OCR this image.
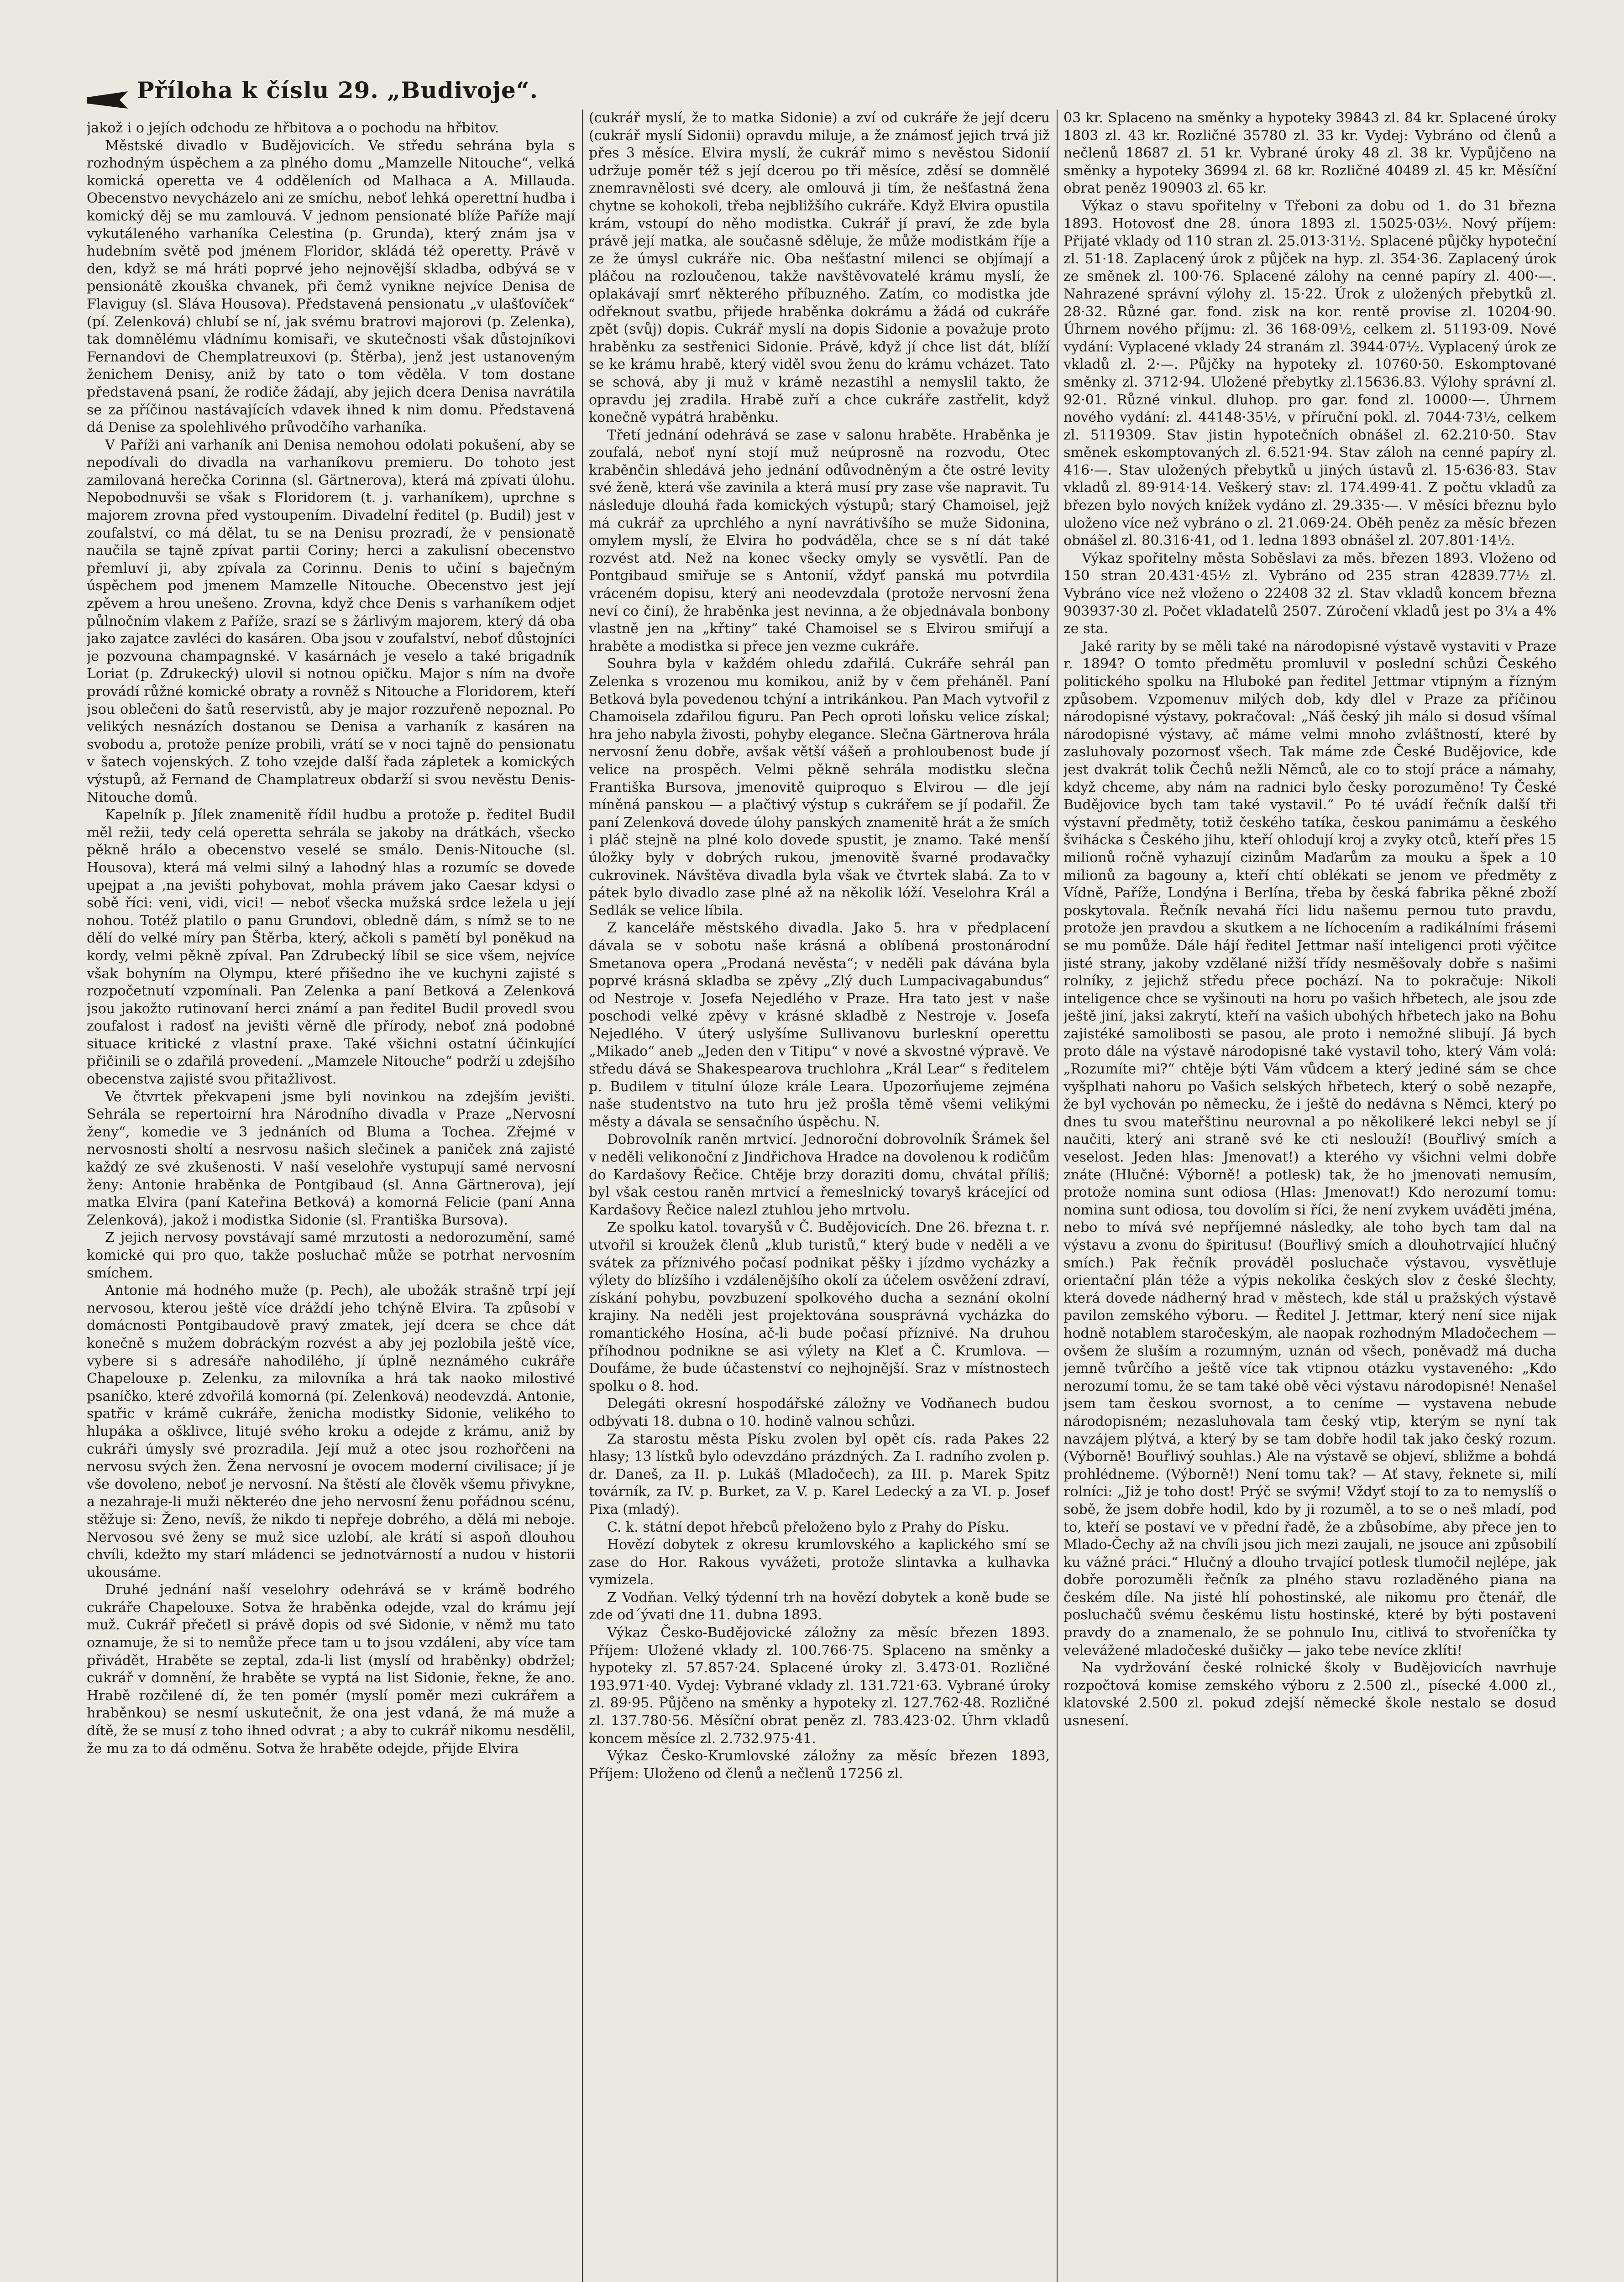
Příloha k číslu 29. „Budivoje“.

jakož i o jejích odchodu ze hřbitova a o pochodu na hřbitov.

Městské divadlo v Budějovicích. Ve středu sehrána byla s rozhodným úspěchem a za plného domu „Mamzelle Nitouche“, velká komická operetta ve 4 odděleních od Malhaca a A. Millauda. Obecenstvo nevycházelo ani ze smíchu, neboť lehká operettní hudba i komický děj se mu zamlouvá. V jednom pensionaté blíže Paříže mají vykutáleného varhaníka Celestina (p. Grunda), který znám jsa v hudebním světě pod jménem Floridor, skládá též operetty. Právě v den, když se má hráti poprvé jeho nejnovější skladba, odbývá se v pensionátě zkouška chvanek, při čemž vynikne nejvíce Denisa de Flaviguy (sl. Sláva Housova). Představená pensionatu „v ulašťovíček“ (pí. Zelenková) chlubí se ní, jak svému bratrovi majorovi (p. Zelenka), tak domnělému vládnímu komisaři, ve skutečnosti však důstojníkovi Fernandovi de Chemplatreuxovi (p. Štěrba), jenž jest ustanoveným ženichem Denisy, aniž by tato o tom věděla. V tom dostane představená psaní, že rodiče žádají, aby jejich dcera Denisa navrátila se za příčinou nastávajících vdavek ihned k nim domu. Představená dá Denise za spolehlivého průvodčího varhaníka.

V Paříži ani varhaník ani Denisa nemohou odolati pokušení, aby se nepodívali do divadla na varhaníkovu premieru. Do tohoto jest zamilovaná herečka Corinna (sl. Gärtnerova), která má zpívati úlohu. Nepobodnuvši se však s Floridorem (t. j. varhaníkem), uprchne s majorem zrovna před vystoupením. Divadelní ředitel (p. Budil) jest v zoufalství, co má dělat, tu se na Denisu prozradí, že v pensionatě naučila se tajně zpívat partii Coriny; herci a zakulisní obecenstvo přemluví ji, aby zpívala za Corinnu. Denis to učiní s baječným úspěchem pod jmenem Mamzelle Nitouche. Obecenstvo jest její zpěvem a hrou unešeno. Zrovna, když chce Denis s varhaníkem odjet půlnočním vlakem z Paříže, srazí se s žárlivým majorem, který dá oba jako zajatce zavléci do kasáren. Oba jsou v zoufalství, neboť důstojníci je pozvouna champagnské. V kasárnách je veselo a také brigadník Loriat (p. Zdrukecký) ulovil si notnou opičku. Major s ním na dvoře provádí růžné komické obraty a rovněž s Nitouche a Floridorem, kteří jsou oblečeni do šatů reservistů, aby je major rozzuřeně nepoznal. Po velikých nesnázích dostanou se Denisa a varhaník z kasáren na svobodu a, protože peníze probili, vrátí se v noci tajně do pensionatu v šatech vojenských. Z toho vzejde další řada zápletek a komických výstupů, až Fernand de Champlatreux obdarží si svou nevěstu Denis-Nitouche domů.

Kapelník p. Jílek znamenitě řídil hudbu a protože p. ředitel Budil měl režii, tedy celá operetta sehrála se jakoby na drátkách, všecko pěkně hrálo a obecenstvo veselé se smálo. Denis-Nitouche (sl. Housova), která má velmi silný a lahodný hlas a rozumíc se dovede upejpat a ‚na jevišti pohybovat, mohla právem jako Caesar kdysi o sobě říci: veni, vidi, vici! — neboť všecka mužská srdce ležela u její nohou. Totéž platilo o panu Grundovi, obledně dám, s nímž se to ne dělí do velké míry pan Štěrba, který, ačkoli s pamětí byl poněkud na kordy, velmi pěkně zpíval. Pan Zdrubecký líbil se sice všem, nejvíce však bohyním na Olympu, které přišedno ihe ve kuchyni zajisté s rozpočetnutí vzpomínali. Pan Zelenka a paní Betková a Zelenková jsou jakožto rutinovaní herci známí a pan ředitel Budil provedl svou zoufalost i radosť na jevišti věrně dle přírody, neboť zná podobné situace kritické z vlastní praxe. Také všichni ostatní účinkující přičinili se o zdařilá provedení. „Mamzele Nitouche“ podrží u zdejšího obecenstva zajisté svou přitažlivost.

Ve čtvrtek překvapeni jsme byli novinkou na zdejším jevišti. Sehrála se repertoirní hra Národního divadla v Praze „Nervosní ženy“, komedie ve 3 jednáních od Bluma a Tochea. Zřejmé v nervosnosti sholtí a nesrvosu našich slečinek a paniček zná zajisté každý ze své zkušenosti. V naší veselohře vystupují samé nervosní ženy: Antonie hraběnka de Pontgibaud (sl. Anna Gärtnerova), její matka Elvira (paní Kateřina Betková) a komorná Felicie (paní Anna Zelenková), jakož i modistka Sidonie (sl. Františka Bursova).

Z jejich nervosy povstávají samé mrzutosti a nedorozumění, samé komické qui pro quo, takže posluchač může se potrhat nervosním smíchem.

Antonie má hodného muže (p. Pech), ale ubožák strašně trpí její nervosou, kterou ještě více dráždí jeho tchýně Elvira. Ta způsobí v domácnosti Pontgibaudově pravý zmatek, její dcera se chce dát konečně s mužem dobráckým rozvést a aby jej pozlobila ještě více, vybere si s adresáře nahodilého, jí úplně neznámého cukráře Chapelouxe p. Zelenku, za milovníka a hrá tak naoko milostivé psaníčko, které zdvořilá komorná (pí. Zelenková) neodevzdá. Antonie, spatřic v krámě cukráře, ženicha modistky Sidonie, velikého to hlupáka a ošklivce, litujé svého kroku a odejde z krámu, aniž by cukráři úmysly své prozradila. Její muž a otec jsou rozhořčeni na nervosu svých žen. Žena nervosní je ovocem moderní civilisace; jí je vše dovoleno, neboť je nervosní. Na štěstí ale člověk všemu přivykne, a nezahraje-li muži některéo dne jeho nervosní ženu pořádnou scénu, stěžuje si: Ženo, nevíš, že nikdo ti nepřeje dobrého, a dělá mi neboje. Nervosou své ženy se muž sice uzlobí, ale krátí si aspoň dlouhou chvíli, kdežto my starí mládenci se jednotvárností a nudou v historii ukousáme.

Druhé jednání naší veselohry odehrává se v krámě bodrého cukráře Chapelouxe. Sotva že hraběnka odejde, vzal do krámu její muž. Cukrář přečetl si právě dopis od své Sidonie, v němž mu tato oznamuje, že si to nemůže přece tam u to jsou vzdáleni, aby více tam přivádět, Hraběte se zeptal, zda-li list (myslí od hraběnky) obdržel; cukrář v domnění, že hraběte se vyptá na list Sidonie, řekne, že ano. Hrabě rozčilené dí, že ten pomér (myslí poměr mezi cukrářem a hraběnkou) se nesmí uskutečnit, že ona jest vdaná, že má muže a dítě, že se musí z toho ihned odvrat ; a aby to cukrář nikomu nesdělil, že mu za to dá odměnu. Sotva že hraběte odejde, přijde Elvira

(cukrář myslí, že to matka Sidonie) a zví od cukráře že její dceru (cukrář myslí Sidonii) opravdu miluje, a že známosť jejich trvá již přes 3 měsíce. Elvira myslí, že cukrář mimo s nevěstou Sidonií udržuje poměr též s její dcerou po tři měsíce, zděsí se domnělé znemravnělosti své dcery, ale omlouvá ji tím, že nešťastná žena chytne se kohokoli, třeba nejbližšího cukráře. Když Elvira opustila krám, vstoupí do něho modistka. Cukrář jí praví, že zde byla právě její matka, ale současně sděluje, že může modistkám říje a ze že úmysl cukráře nic. Oba nešťastní milenci se objímají a pláčou na rozloučenou, takže navštěvovatelé krámu myslí, že oplakávají smrť některého příbuzného. Zatím, co modistka jde odřeknout svatbu, přijede hraběnka dokrámu a žádá od cukráře zpět (svůj) dopis. Cukrář myslí na dopis Sidonie a považuje proto hraběnku za sestřenici Sidonie. Právě, když jí chce list dát, blíží se ke krámu hrabě, který viděl svou ženu do krámu vcházet. Tato se schová, aby ji muž v krámě nezastihl a nemyslil takto, že opravdu jej zradila. Hrabě zuří a chce cukráře zastřelit, když konečně vypátrá hraběnku.

Třetí jednání odehrává se zase v salonu hraběte. Hraběnka je zoufalá, neboť nyní stojí muž neúprosně na rozvodu, Otec kraběnčin shledává jeho jednání odůvodněným a čte ostré levity své ženě, která vše zavinila a která musí pry zase vše napravit. Tu následuje dlouhá řada komických výstupů; starý Chamoisel, jejž má cukrář za uprchlého a nyní navrátivšího se muže Sidonina, omylem myslí, že Elvira ho podváděla, chce se s ní dát také rozvést atd. Než na konec všecky omyly se vysvětlí. Pan de Pontgibaud smiřuje se s Antonií, vždyť panská mu potvrdila vráceném dopisu, který ani neodevzdala (protože nervosní žena neví co činí), že hraběnka jest nevinna, a že objednávala bonbony vlastně jen na „křtiny“ také Chamoisel se s Elvirou smiřují a hraběte a modistka si přece jen vezme cukráře.

Souhra byla v každém ohledu zdařilá. Cukráře sehrál pan Zelenka s vrozenou mu komikou, aniž by v čem přeháněl. Paní Betková byla povedenou tchýní a intrikánkou. Pan Mach vytvořil z Chamoisela zdařilou figuru. Pan Pech oproti loňsku velice získal; hra jeho nabyla živosti, pohyby elegance. Slečna Gärtnerova hrála nervosní ženu dobře, avšak větší vášeň a prohloubenost bude jí velice na prospěch. Velmi pěkně sehrála modistku slečna Františka Bursova, jmenovitě quiproquo s Elvirou — dle její míněná panskou — a plačtivý výstup s cukrářem se jí podařil. Že paní Zelenková dovede úlohy panských znamenitě hrát a že smích i pláč stejně na plné kolo dovede spustit, je znamo. Také menší úložky byly v dobrých rukou, jmenovitě švarné prodavačky cukrovinek. Návštěva divadla byla však ve čtvrtek slabá. Za to v pátek bylo divadlo zase plné až na několik lóží. Veselohra Král a Sedlák se velice líbila.

Z kanceláře městského divadla. Jako 5. hra v předplacení dávala se v sobotu naše krásná a oblíbená prostonárodní Smetanova opera „Prodaná nevěsta“; v neděli pak dávána byla poprvé krásná skladba se zpěvy „Zlý duch Lumpacivagabundus“ od Nestroje v. Josefa Nejedlého v Praze. Hra tato jest v naše poschodi velké zpěvy v krásné skladbě z Nestroje v. Josefa Nejedlého. V úterý uslyšíme Sullivanovu burleskní operettu „Mikado“ aneb „Jeden den v Titipu“ v nové a skvostné výpravě. Ve středu dává se Shakespearova truchlohra „Král Lear“ s ředitelem p. Budilem v titulní úloze krále Leara. Upozorňujeme zejména naše studentstvo na tuto hru jež prošla těmě všemi velikými městy a dávala se sensačního úspěchu. N.

Dobrovolník raněn mrtvicí. Jednoroční dobrovolník Šrámek šel v neděli velikonoční z Jindřichova Hradce na dovolenou k rodičům do Kardašovy Řečice. Chtěje brzy doraziti domu, chvátal příliš; byl však cestou raněn mrtvicí a řemeslnický tovaryš krácející od Kardašovy Řečice nalezl ztuhlou jeho mrtvolu.

Ze spolku katol. tovaryšů v Č. Budějovicích. Dne 26. března t. r. utvořil si kroužek členů „klub turistů,“ který bude v neděli a ve svátek za příznivého počasí podnikat pěšky i jízdmo vycházky a výlety do blízšího i vzdálenějšího okolí za účelem osvěžení zdraví, získání pohybu, povzbuzení spolkového ducha a seznání okolní krajiny. Na neděli jest projektována sousprávná vycházka do romantického Hosína, ač-li bude počasí příznivé. Na druhou příhodnou podnikne se asi výlety na Kleť a Č. Krumlova. — Doufáme, že bude účastenství co nejhojnější. Sraz v místnostech spolku o 8. hod.

Delegáti okresní hospodářské záložny ve Vodňanech budou odbývati 18. dubna o 10. hodině valnou schůzi.

Za starostu města Písku zvolen byl opět cís. rada Pakes 22 hlasy; 13 lístků bylo odevzdáno prázdných. Za I. radního zvolen p. dr. Daneš, za II. p. Lukáš (Mladočech), za III. p. Marek Spitz továrník, za IV. p. Burket, za V. p. Karel Ledecký a za VI. p. Josef Pixa (mladý).

C. k. státní depot hřebců přeloženo bylo z Prahy do Písku.

Hovězí dobytek z okresu krumlovského a kaplického smí se zase do Hor. Rakous vyvážeti, protože slintavka a kulhavka vymizela.

Z Vodňan. Velký týdenní trh na hovězí dobytek a koně bude se zde od´ývati dne 11. dubna 1893.

Výkaz Česko-Budějovické záložny za měsíc březen 1893. Příjem: Uložené vklady zl. 100.766·75. Splaceno na směnky a hypoteky zl. 57.857·24. Splacené úroky zl. 3.473·01. Rozličné 193.971·40. Vydej: Vybrané vklady zl. 131.721·63. Vybrané úroky zl. 89·95. Půjčeno na směnky a hypoteky zl. 127.762·48. Rozličné zl. 137.780·56. Měsíční obrat peněz zl. 783.423·02. Úhrn vkladů koncem měsíce zl. 2.732.975·41.

Výkaz Česko-Krumlovské záložny za měsíc březen 1893, Příjem: Uloženo od členů a nečlenů 17256 zl.

03 kr. Splaceno na směnky a hypoteky 39843 zl. 84 kr. Splacené úroky 1803 zl. 43 kr. Rozličné 35780 zl. 33 kr. Vydej: Vybráno od členů a nečlenů 18687 zl. 51 kr. Vybrané úroky 48 zl. 38 kr. Vypůjčeno na směnky a hypoteky 36994 zl. 68 kr. Rozličné 40489 zl. 45 kr. Měsíční obrat peněz 190903 zl. 65 kr.

Výkaz o stavu spořitelny v Třeboni za dobu od 1. do 31 března 1893. Hotovosť dne 28. února 1893 zl. 15025·03½. Nový příjem: Přijaté vklady od 110 stran zl. 25.013·31½. Splacené půjčky hypoteční zl. 51·18. Zaplacený úrok z půjček na hyp. zl. 354·36. Zaplacený úrok ze směnek zl. 100·76. Splacené zálohy na cenné papíry zl. 400·—. Nahrazené správní výlohy zl. 15·22. Úrok z uložených přebytků zl. 28·32. Různé gar. fond. zisk na kor. rentě provise zl. 10204·90. Úhrnem nového příjmu: zl. 36 168·09½, celkem zl. 51193·09. Nové vydání: Vyplacené vklady 24 stranám zl. 3944·07½. Vyplacený úrok ze vkladů zl. 2·—. Půjčky na hypoteky zl. 10760·50. Eskomptované směnky zl. 3712·94. Uložené přebytky zl.15636.83. Výlohy správní zl. 92·01. Různé vinkul. dluhop. pro gar. fond zl. 10000·—. Úhrnem nového vydání: zl. 44148·35½, v příruční pokl. zl. 7044·73½, celkem zl. 5119309. Stav jistin hypotečních obnášel zl. 62.210·50. Stav směnek eskomptovaných zl. 6.521·94. Stav záloh na cenné papíry zl. 416·—. Stav uložených přebytků u jiných ústavů zl. 15·636·83. Stav vkladů zl. 89·914·14. Veškerý stav: zl. 174.499·41. Z počtu vkladů za březen bylo nových knížek vydáno zl. 29.335·—. V měsíci březnu bylo uloženo více než vybráno o zl. 21.069·24. Oběh peněz za měsíc březen obnášel zl. 80.316·41, od 1. ledna 1893 obnášel zl. 207.801·14½.

Výkaz spořitelny města Soběslavi za měs. březen 1893. Vloženo od 150 stran 20.431·45½ zl. Vybráno od 235 stran 42839.77½ zl. Vybráno více než vloženo o 22408 32 zl. Stav vkladů koncem března 903937·30 zl. Počet vkladatelů 2507. Zúročení vkladů jest po 3¼ a 4% ze sta.

Jaké rarity by se měli také na národopisné výstavě vystaviti v Praze r. 1894? O tomto předmětu promluvil v poslední schůzi Českého politického spolku na Hluboké pan ředitel Jettmar vtipným a řízným způsobem. Vzpomenuv milých dob, kdy dlel v Praze za příčinou národopisné výstavy, pokračoval: „Náš český jih málo si dosud všímal národopisné výstavy, ač máme velmi mnoho zvláštností, které by zasluhovaly pozornosť všech. Tak máme zde České Budějovice, kde jest dvakrát tolik Čechů nežli Němců, ale co to stojí práce a námahy, když chceme, aby nám na radnici bylo česky porozuměno! Ty České Budějovice bych tam také vystavil.“ Po té uvádí řečník další tři výstavní předměty, totiž českého tatíka, českou panimámu a českého švihácka s Českého jihu, kteří ohlodují kroj a zvyky otců, kteří přes 15 milionů ročně vyhazují cizinům Maďarům za mouku a špek a 10 milionů za bagouny a, kteří chtí oblékati se jenom ve předměty z Vídně, Paříže, Londýna i Berlína, třeba by česká fabrika pěkné zboží poskytovala. Řečník nevahá říci lidu našemu pernou tuto pravdu, protože jen pravdou a skutkem a ne líchocením a radikálními frásemi se mu pomůže. Dále hájí ředitel Jettmar naší inteligenci proti výčitce jisté strany, jakoby vzdělané nižší třídy nesměšovaly dobře s našimi rolníky, z jejichž středu přece pochází. Na to pokračuje: Nikoli inteligence chce se vyšinouti na horu po vašich hřbetech, ale jsou zde ještě jiní, jaksi zakrytí, kteří na vašich ubohých hřbetech jako na Bohu zajistéké samolibosti se pasou, ale proto i nemožné slibují. Já bych proto dále na výstavě národopisné také vystavil toho, který Vám volá: „Rozumíte mi?“ chtěje býti Vám vůdcem a který jediné sám se chce vyšplhati nahoru po Vašich selských hřbetech, který o sobě nezapře, že byl vychován po německu, že i ještě do nedávna s Němci, který po dnes tu svou mateřštinu neurovnal a po několikeré lekci nebyl se jí naučiti, který ani straně své ke cti neslouží! (Bouřlivý smích a veselost. Jeden hlas: Jmenovat!) a kterého vy všichni velmi dobře znáte (Hlučné: Výborně! a potlesk) tak, že ho jmenovati nemusím, protože nomina sunt odiosa (Hlas: Jmenovat!) Kdo nerozumí tomu: nomina sunt odiosa, tou dovolím si říci, že není zvykem uváděti jména, nebo to mívá své nepříjemné následky, ale toho bych tam dal na výstavu a zvonu do špiritusu! (Bouřlivý smích a dlouhotrvající hlučný smích.) Pak řečník prováděl posluchače výstavou, vysvětluje orientační plán téže a výpis nekolika českých slov z české šlechty, která dovede nádherný hrad v městech, kde stál u pražských výstavě pavilon zemského výboru. — Ředitel J. Jettmar, který není sice nijak hodně notablem staročeským, ale naopak rozhodným Mladočechem — ovšem že sluším a rozumným, uznán od všech, poněvadž má ducha jemně tvůrčího a ještě více tak vtipnou otázku vystaveného: „Kdo nerozumí tomu, že se tam také obě věci výstavu národopisné! Nenašel jsem tam českou svornost, a to ceníme — vystavena nebude národopisném; nezasluhovala tam český vtip, kterým se nyní tak navzájem plýtvá, a který by se tam dobře hodil tak jako český rozum. (Výborně! Bouřlivý souhlas.) Ale na výstavě se objeví, sbližme a bohdá prohlédneme. (Výborně!) Není tomu tak? — Ať stavy, řeknete si, milí rolníci: „Již je toho dost! Prýč se svými! Vždyť stojí to za to nemyslíš o sobě, že jsem dobře hodil, kdo by ji rozuměl, a to se o neš mladí, pod to, kteří se postaví ve v přední řadě, že a zbůsobíme, aby přece jen to Mlado-Čechy až na chvíli jsou jich mezi zaujali, ne jsouce ani způsobilí ku vážné práci.“ Hlučný a dlouho trvající potlesk tlumočil nejlépe, jak dobře porozuměli řečník za plného stavu rozladěného piana na českém díle. Na jisté hlí pohostinské, ale nikomu pro čtenář, dle posluchačů svému českému listu hostinské, které by býti postaveni pravdy do a znamenalo, že se pohnulo Inu, citlivá to stvořeníčka ty velevážené mladočeské dušičky — jako tebe nevíce zklíti!

Na vydržování české rolnické školy v Budějovicích navrhuje rozpočtová komise zemského výboru z 2.500 zl., písecké 4.000 zl., klatovské 2.500 zl. pokud zdejší německé škole nestalo se dosud usnesení.
